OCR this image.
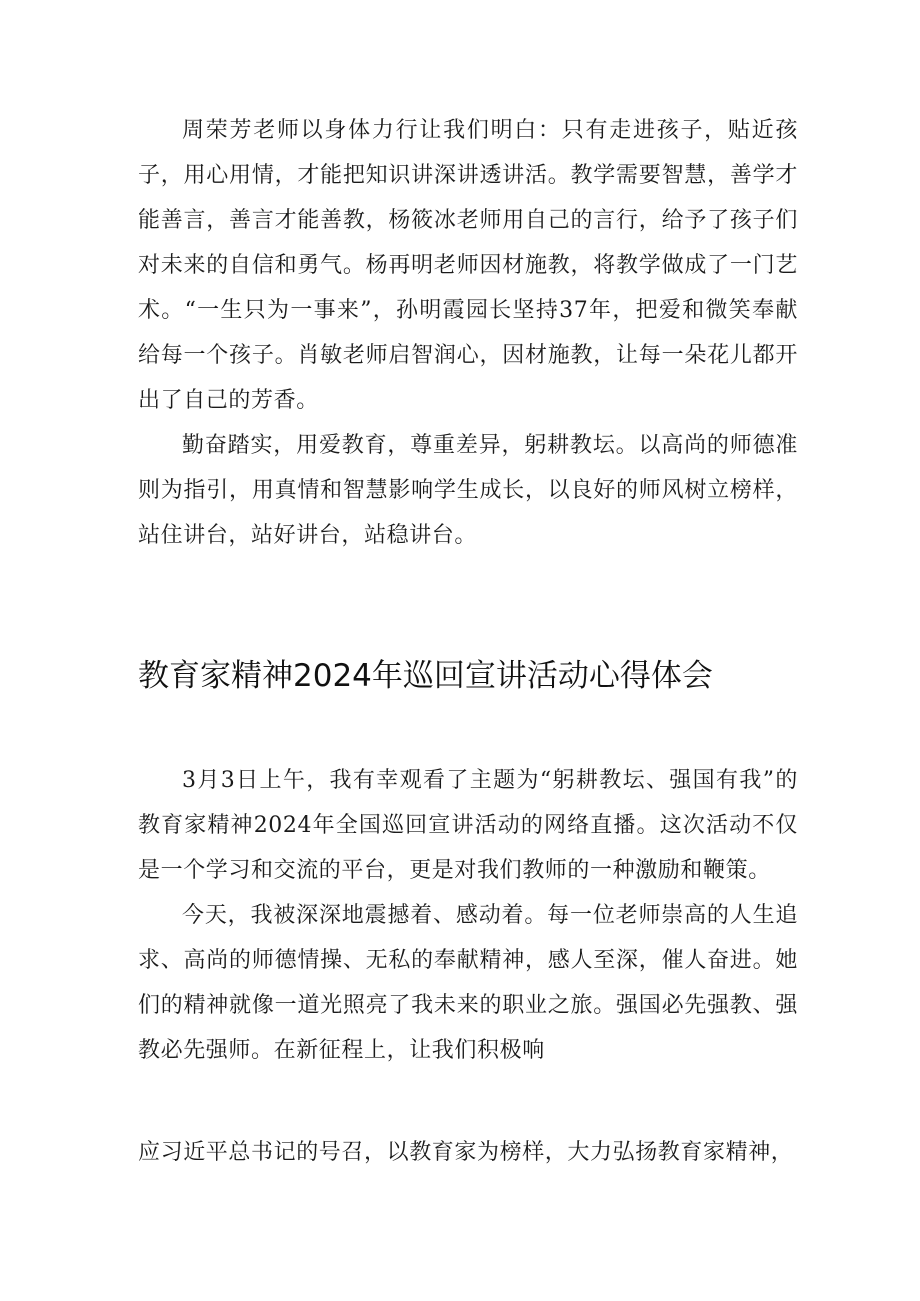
周荣芳老师以身体力行让我们明白：只有走进孩子，贴近孩子，用心用情，才能把知识讲深讲透讲活。教学需要智慧，善学才能善言，善言才能善教，杨筱冰老师用自己的言行，给予了孩子们对未来的自信和勇气。杨再明老师因材施教，将教学做成了一门艺术。“一生只为一事来”，孙明霞园长坚持37年，把爱和微笑奉献给每一个孩子。肖敏老师启智润心，因材施教，让每一朵花儿都开出了自己的芳香。

勤奋踏实，用爱教育，尊重差异，躬耕教坛。以高尚的师德准则为指引，用真情和智慧影响学生成长，以良好的师风树立榜样，站住讲台，站好讲台，站稳讲台。

教育家精神2024年巡回宣讲活动心得体会

3月3日上午，我有幸观看了主题为“躬耕教坛、强国有我”的教育家精神2024年全国巡回宣讲活动的网络直播。这次活动不仅是一个学习和交流的平台，更是对我们教师的一种激励和鞭策。

今天，我被深深地震撼着、感动着。每一位老师崇高的人生追求、高尚的师德情操、无私的奉献精神，感人至深，催人奋进。她们的精神就像一道光照亮了我未来的职业之旅。强国必先强教、强教必先强师。在新征程上，让我们积极响

应习近平总书记的号召，以教育家为榜样，大力弘扬教育家精神，
